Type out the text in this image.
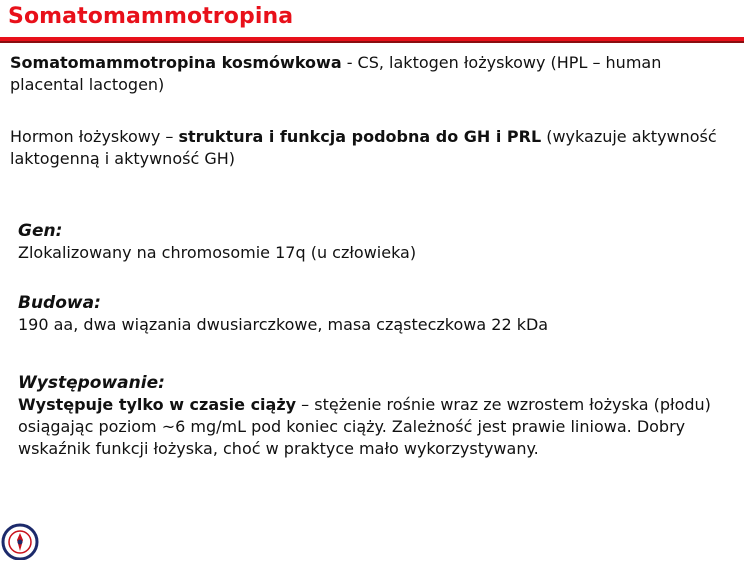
Somatomammotropina

Somatomammotropina kosmówkowa - CS, laktogen łożyskowy (HPL – human placental lactogen)

Hormon łożyskowy – struktura i funkcja podobna do GH i PRL (wykazuje aktywność laktogenną i aktywność GH)

Gen:
Zlokalizowany na chromosomie 17q (u człowieka)
Budowa:
190 aa, dwa wiązania dwusiarczkowe, masa cząsteczkowa 22 kDa
Występowanie:
Występuje tylko w czasie ciąży – stężenie rośnie wraz ze wzrostem łożyska (płodu) osiągając poziom ~6 mg/mL pod koniec ciąży. Zależność jest prawie liniowa. Dobry wskaźnik funkcji łożyska, choć w praktyce mało wykorzystywany.
